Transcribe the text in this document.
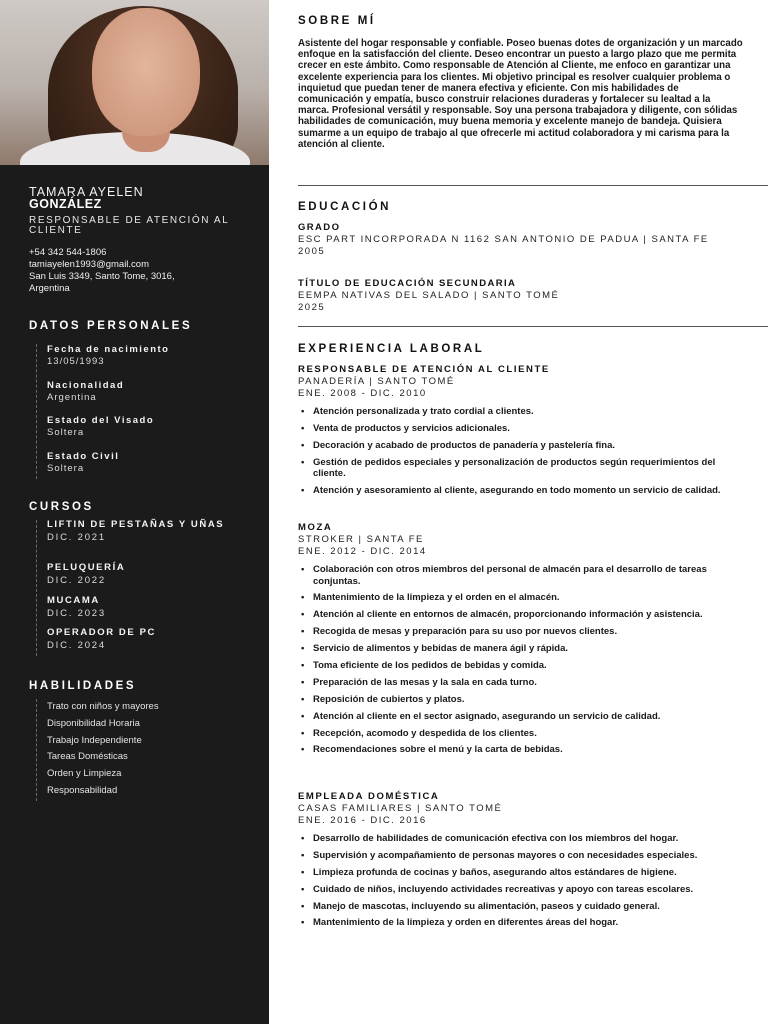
TAMARA AYELEN
GONZÁLEZ
RESPONSABLE DE ATENCIÓN AL CLIENTE
+54 342 544-1806
tamiayelen1993@gmail.com
San Luis 3349, Santo Tome, 3016,
Argentina
DATOS PERSONALES
Fecha de nacimiento
13/05/1993
Nacionalidad
Argentina
Estado del Visado
Soltera
Estado Civil
Soltera
CURSOS
LIFTIN DE PESTAÑAS Y UÑAS
DIC. 2021
PELUQUERÍA
DIC. 2022
MUCAMA
DIC. 2023
OPERADOR DE PC
DIC. 2024
HABILIDADES
Trato con niños y mayores
Disponibilidad Horaria
Trabajo Independiente
Tareas Domésticas
Orden y Limpieza
Responsabilidad
SOBRE MÍ
Asistente del hogar responsable y confiable. Poseo buenas dotes de organización y un marcado enfoque en la satisfacción del cliente. Deseo encontrar un puesto a largo plazo que me permita crecer en este ámbito. Como responsable de Atención al Cliente, me enfoco en garantizar una excelente experiencia para los clientes. Mi objetivo principal es resolver cualquier problema o inquietud que puedan tener de manera efectiva y eficiente. Con mis habilidades de comunicación y empatía, busco construir relaciones duraderas y fortalecer su lealtad a la marca. Profesional versátil y responsable. Soy una persona trabajadora y diligente, con sólidas habilidades de comunicación, muy buena memoria y excelente manejo de bandeja. Quisiera sumarme a un equipo de trabajo al que ofrecerle mi actitud colaboradora y mi carisma para la atención al cliente.
EDUCACIÓN
GRADO
ESC PART INCORPORADA N 1162 SAN ANTONIO DE PADUA | SANTA FE
2005
TÍTULO DE EDUCACIÓN SECUNDARIA
EEMPA NATIVAS DEL SALADO | SANTO TOMÉ
2025
EXPERIENCIA LABORAL
RESPONSABLE DE ATENCIÓN AL CLIENTE
PANADERÍA | SANTO TOMÉ
ENE. 2008 - DIC. 2010
• Atención personalizada y trato cordial a clientes.
• Venta de productos y servicios adicionales.
• Decoración y acabado de productos de panadería y pastelería fina.
• Gestión de pedidos especiales y personalización de productos según requerimientos del cliente.
• Atención y asesoramiento al cliente, asegurando en todo momento un servicio de calidad.
MOZA
STROKER | SANTA FE
ENE. 2012 - DIC. 2014
• Colaboración con otros miembros del personal de almacén para el desarrollo de tareas conjuntas.
• Mantenimiento de la limpieza y el orden en el almacén.
• Atención al cliente en entornos de almacén, proporcionando información y asistencia.
• Recogida de mesas y preparación para su uso por nuevos clientes.
• Servicio de alimentos y bebidas de manera ágil y rápida.
• Toma eficiente de los pedidos de bebidas y comida.
• Preparación de las mesas y la sala en cada turno.
• Reposición de cubiertos y platos.
• Atención al cliente en el sector asignado, asegurando un servicio de calidad.
• Recepción, acomodo y despedida de los clientes.
• Recomendaciones sobre el menú y la carta de bebidas.
EMPLEADA DOMÉSTICA
CASAS FAMILIARES | SANTO TOMÉ
ENE. 2016 - DIC. 2016
• Desarrollo de habilidades de comunicación efectiva con los miembros del hogar.
• Supervisión y acompañamiento de personas mayores o con necesidades especiales.
• Limpieza profunda de cocinas y baños, asegurando altos estándares de higiene.
• Cuidado de niños, incluyendo actividades recreativas y apoyo con tareas escolares.
• Manejo de mascotas, incluyendo su alimentación, paseos y cuidado general.
• Mantenimiento de la limpieza y orden en diferentes áreas del hogar.
